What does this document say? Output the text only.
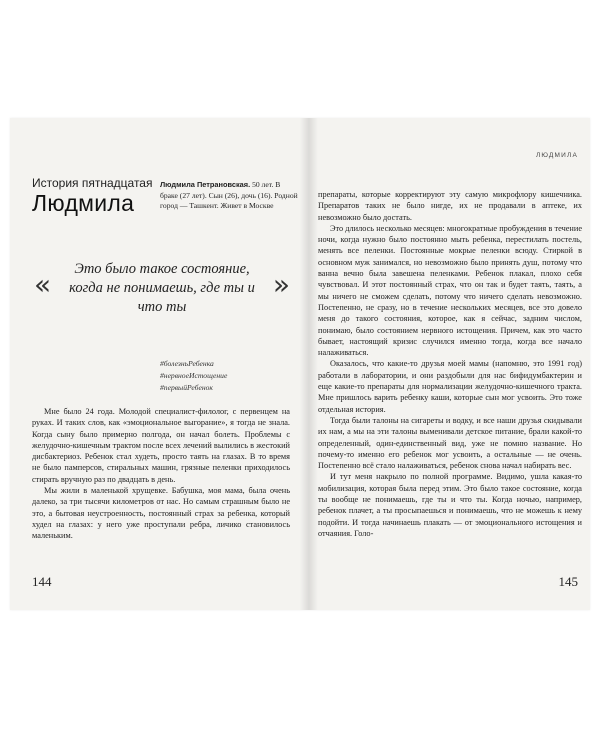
История пятнадцатая
Людмила
Людмила Петрановская. 50 лет. В браке (27 лет). Сын (26), дочь (16). Родной город — Ташкент. Живет в Москве
«	Это было такое состояние, когда не понимаешь, где ты и что ты
»
#болезньРебенка
#нервноеИстощение
#первыйРебенок

Мне было 24 года. Молодой специалист-филолог, с первенцем на руках. И таких слов, как «эмоциональное выгорание», я тогда не знала. Когда сыну было примерно полгода, он начал болеть. Проблемы с желудочно-кишечным трактом после всех лечений вылились в жестокий дисбактериоз. Ребенок стал худеть, просто таять на глазах. В то время не было памперсов, стиральных машин, грязные пеленки приходилось стирать вручную раз по двадцать в день.

Мы жили в маленькой хрущевке. Бабушка, моя мама, была очень далеко, за три тысячи километров от нас. Но самым страшным было не это, а бытовая неустроенность, постоянный страх за ребенка, который худел на глазах: у него уже проступали ребра, личико становилось маленьким.

144
ЛЮДМИЛА

препараты, которые корректируют эту самую микрофлору кишечника. Препаратов таких не было нигде, их не продавали в аптеке, их невозможно было достать.

Это длилось несколько месяцев: многократные пробуждения в течение ночи, когда нужно было постоянно мыть ребенка, перестилать постель, менять все пеленки. Постоянные мокрые пеленки всюду. Стиркой в основном муж занимался, но невозможно было принять душ, потому что ванна вечно была завешена пеленками. Ребенок плакал, плохо себя чувствовал. И этот постоянный страх, что он так и будет таять, таять, а мы ничего не сможем сделать, потому что ничего сделать невозможно. Постепенно, не сразу, но в течение нескольких месяцев, все это довело меня до такого состояния, которое, как я сейчас, задним числом, понимаю, было состоянием нервного истощения. Причем, как это часто бывает, настоящий кризис случился именно тогда, когда все начало налаживаться.

Оказалось, что какие-то друзья моей мамы (напомню, это 1991 год) работали в лаборатории, и они раздобыли для нас бифидумбактерин и еще какие-то препараты для нормализации желудочно-кишечного тракта. Мне пришлось варить ребенку каши, которые сын мог усвоить. Это тоже отдельная история.

Тогда были талоны на сигареты и водку, и все наши друзья скидывали их нам, а мы на эти талоны выменивали детское питание, брали какой-то определенный, один-единственный вид, уже не помню название. Но почему-то именно его ребенок мог усвоить, а остальные — не очень. Постепенно всё стало налаживаться, ребенок снова начал набирать вес.

И тут меня накрыло по полной программе. Видимо, ушла какая-то мобилизация, которая была перед этим. Это было такое состояние, когда ты вообще не понимаешь, где ты и что ты. Когда ночью, например, ребенок плачет, а ты просыпаешься и понимаешь, что не можешь к нему подойти. И тогда начинаешь плакать — от эмоционального истощения и отчаяния. Голо-

145
